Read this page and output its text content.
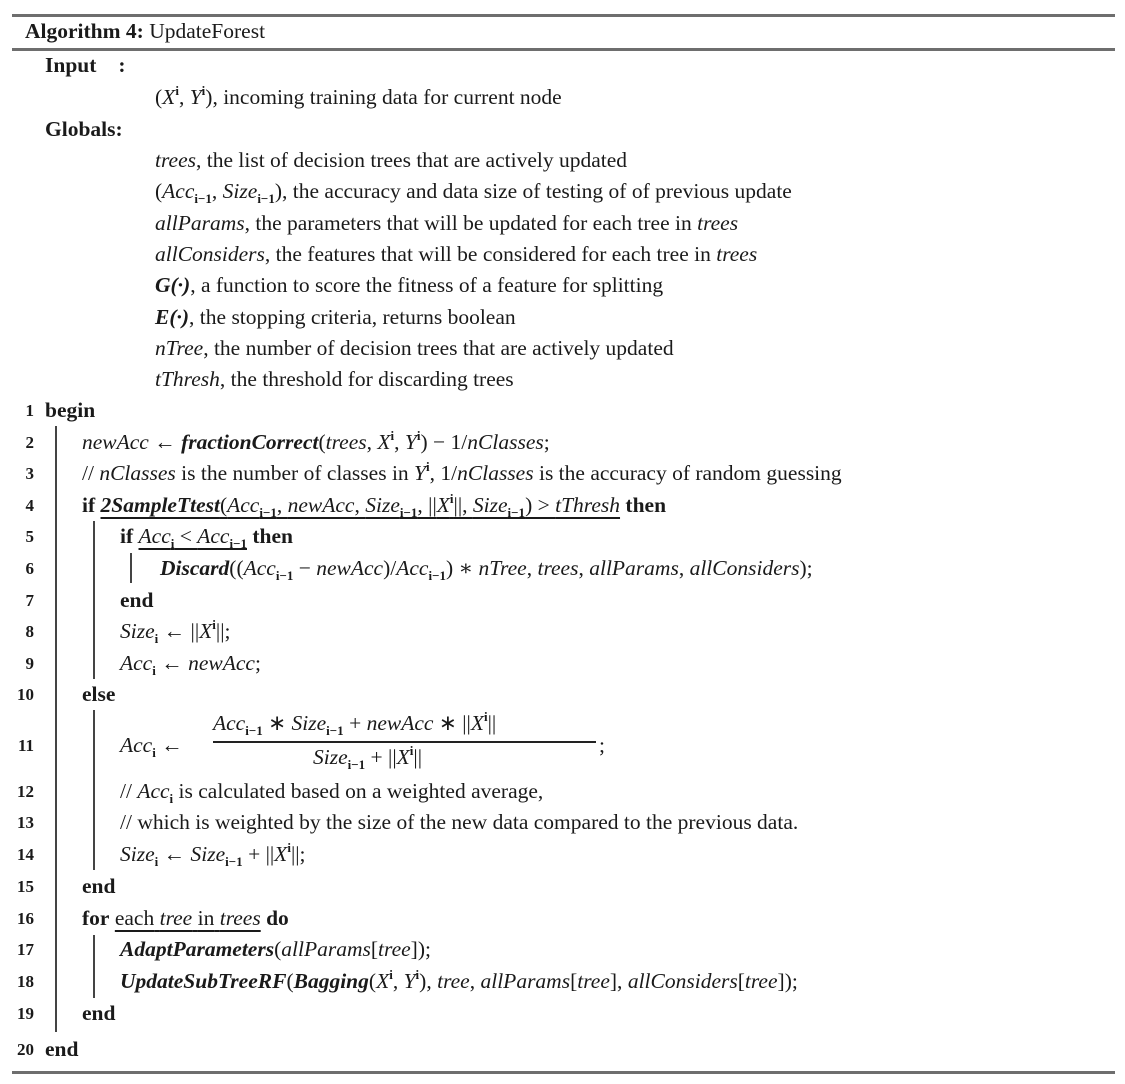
Algorithm 4: UpdateForest
Input :
($X^i$, $Y^i$), incoming training data for current node
Globals:
trees, the list of decision trees that are actively updated
(Acc$_{i-1}$, Size$_{i-1}$), the accuracy and data size of testing of of previous update
allParams, the parameters that will be updated for each tree in trees
allConsiders, the features that will be considered for each tree in trees
G(·), a function to score the fitness of a feature for splitting
E(·), the stopping criteria, returns boolean
nTree, the number of decision trees that are actively updated
tThresh, the threshold for discarding trees
1
2
3
4
5
6
7
8
9
10
11
12
13
14
15
16
17
18
19
20
begin
newAcc ← fractionCorrect(trees, $X^i$, $Y^i$) − 1/nClasses;
// nClasses is the number of classes in $Y^i$, 1/nClasses is the accuracy of random guessing
if 2SampleTtest(Acc$_{i-1}$, newAcc, Size$_{i-1}$, $||X^i||$, Size$_{i-1}$) > tThresh then
if Acc$_i$ < Acc$_{i-1}$ then
Discard((Acc$_{i-1}$ − newAcc)/Acc$_{i-1}$) ∗ nTree, trees, allParams, allConsiders);
end
Size$_i$ ← $||X^i||$;
Acc$_i$ ← newAcc;
else
Acc$_i$ ←
Acc$_{i-1}$ ∗ Size$_{i-1}$ + newAcc ∗ $||X^i||$
Size$_{i-1}$ + $||X^i||$	;
// Acc$_i$ is calculated based on a weighted average,
// which is weighted by the size of the new data compared to the previous data.
Size$_i$ ← Size$_{i-1}$ + $||X^i||$;
end
for each tree in trees do
AdaptParameters(allParams[tree]);
$UpdateSubTreeRF(Bagging(X^i$, $Y^i$), tree, allParams[tree], allConsiders[tree]);
end
end
